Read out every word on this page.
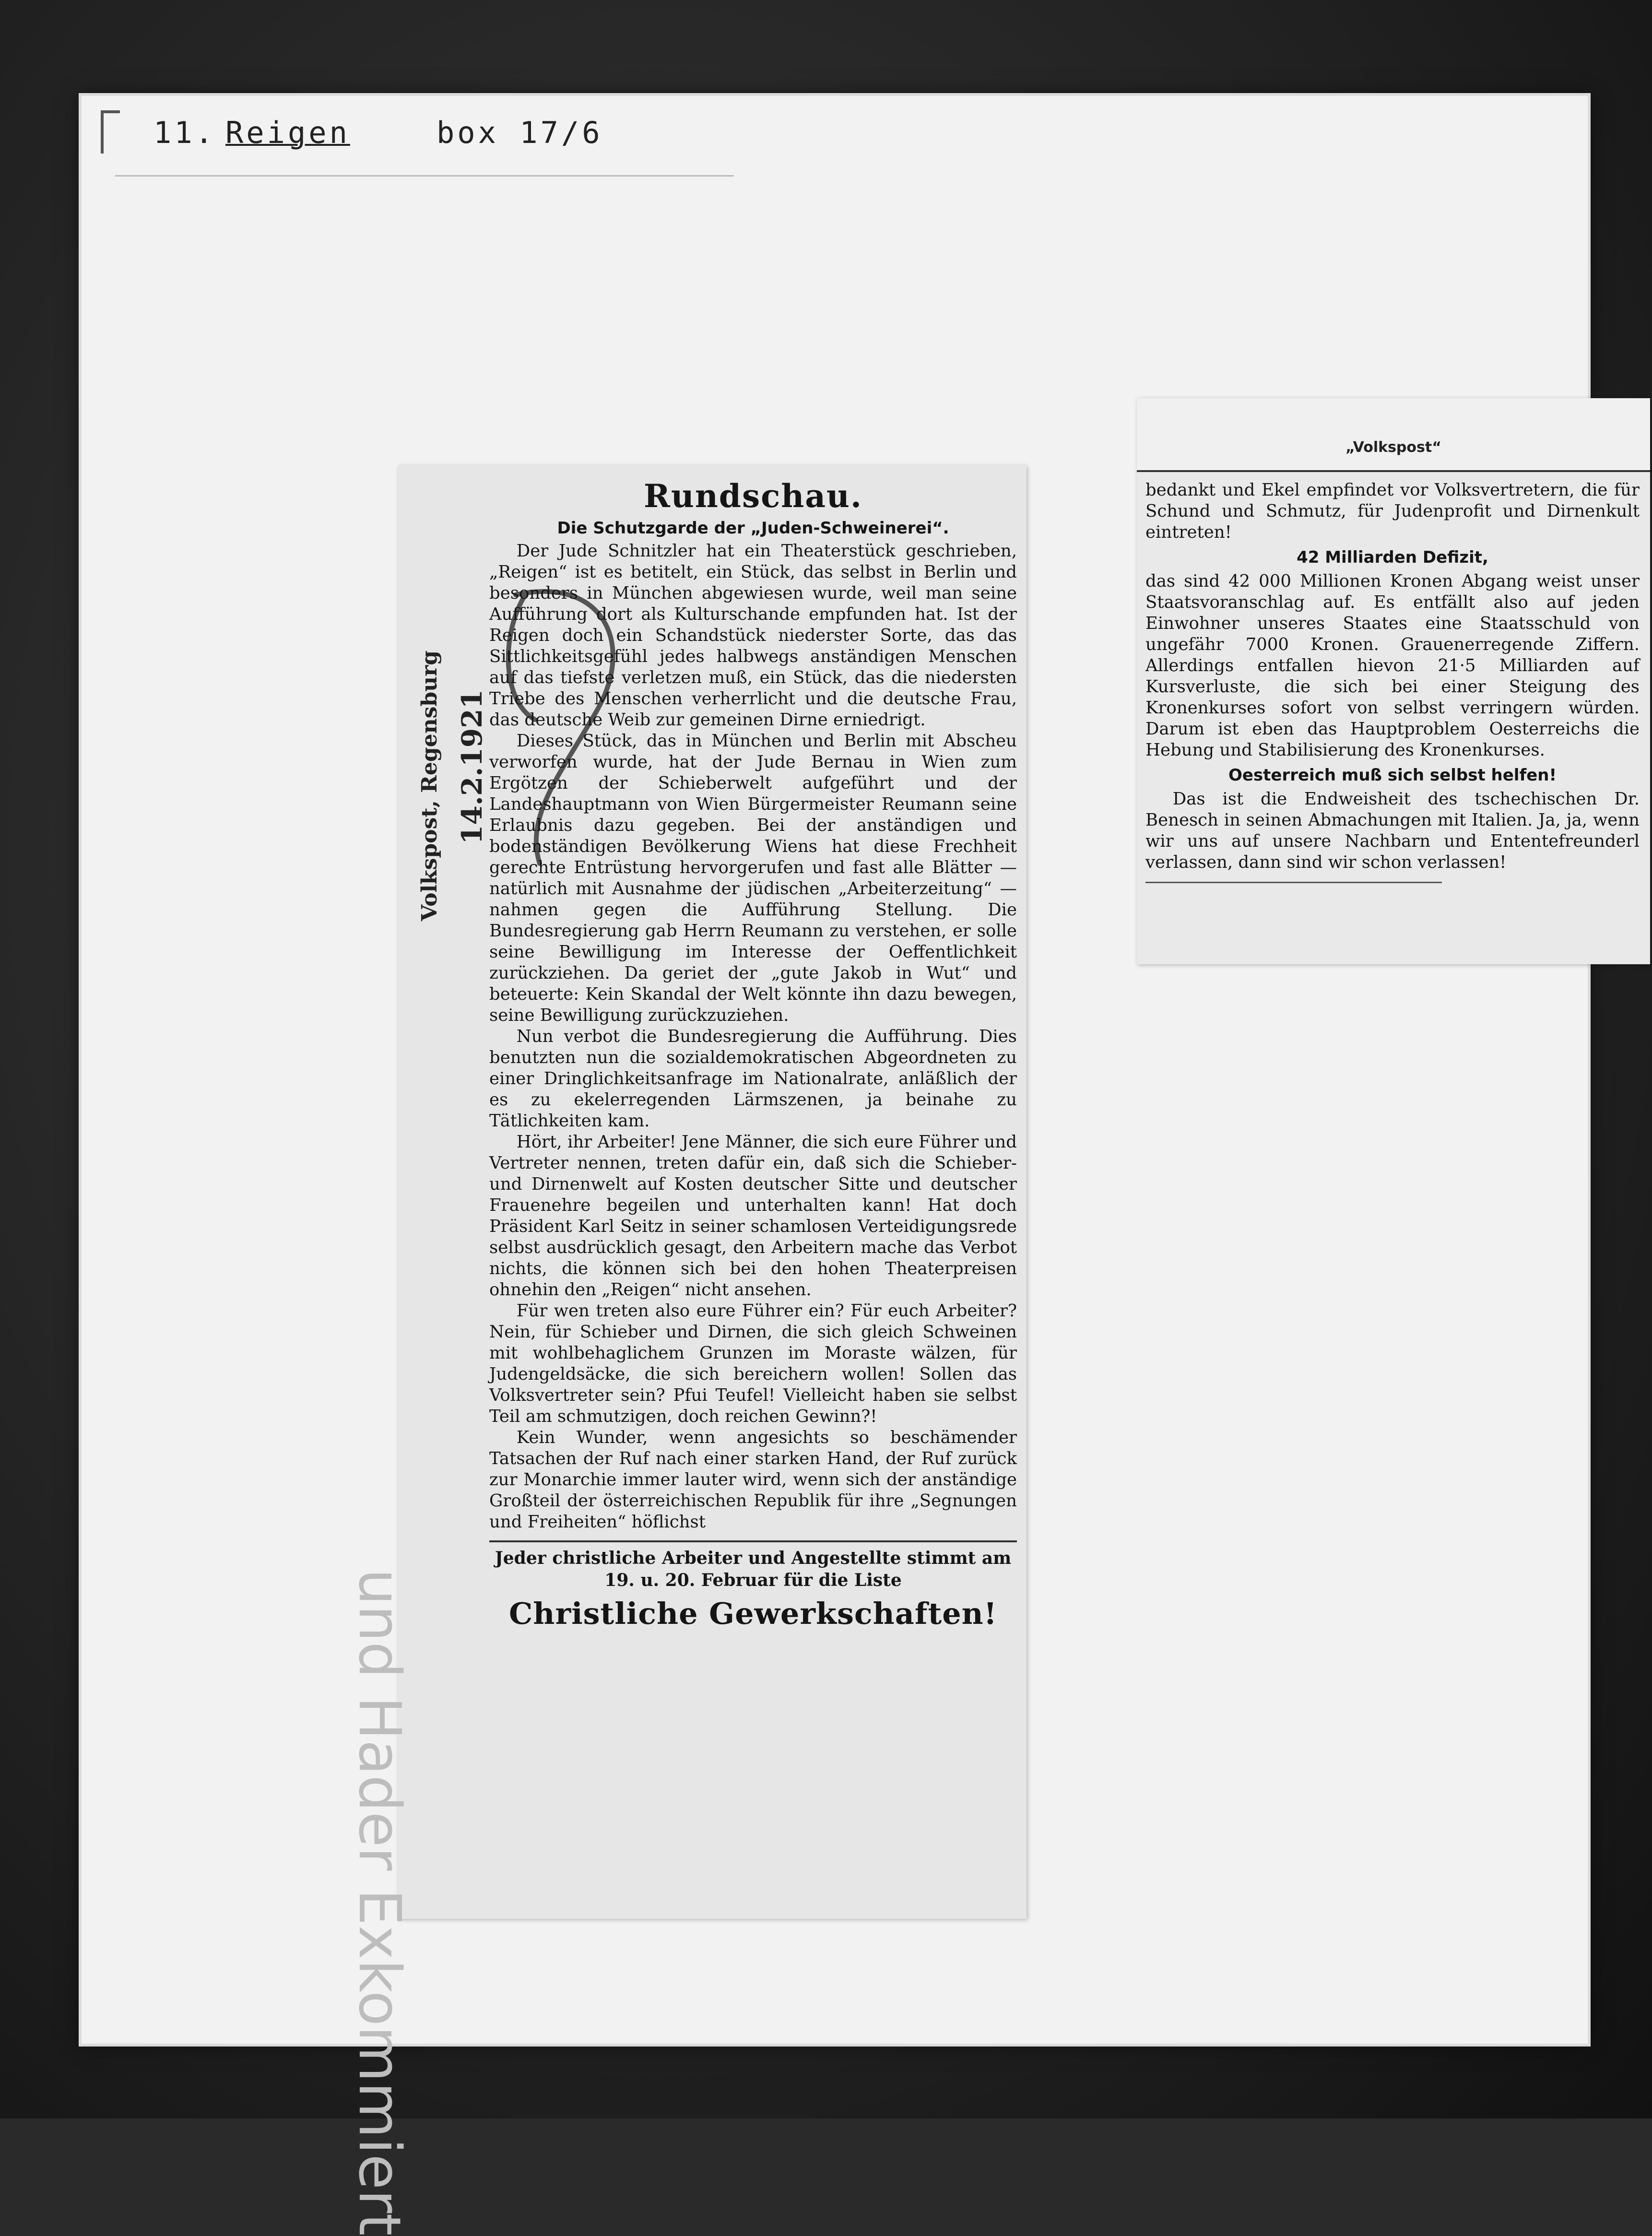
11. Reigen	box 17/6
und Hader Exkommiert
Volkspost, Regensburg 14.2.1921
Rundschau.
Die Schutzgarde der „Juden-Schweinerei“.

Der Jude Schnitzler hat ein Theaterstück geschrieben, „Reigen“ ist es betitelt, ein Stück, das selbst in Berlin und besonders in München abgewiesen wurde, weil man seine Aufführung dort als Kulturschande empfunden hat. Ist der Reigen doch ein Schandstück niederster Sorte, das das Sittlichkeitsgefühl jedes halbwegs anständigen Menschen auf das tiefste verletzen muß, ein Stück, das die niedersten Triebe des Menschen verherrlicht und die deutsche Frau, das deutsche Weib zur gemeinen Dirne erniedrigt.

Dieses Stück, das in München und Berlin mit Abscheu verworfen wurde, hat der Jude Bernau in Wien zum Ergötzen der Schieberwelt aufgeführt und der Landeshauptmann von Wien Bürgermeister Reumann seine Erlaubnis dazu gegeben. Bei der anständigen und bodenständigen Bevölkerung Wiens hat diese Frechheit gerechte Entrüstung hervorgerufen und fast alle Blätter — natürlich mit Ausnahme der jüdischen „Arbeiterzeitung“ — nahmen gegen die Aufführung Stellung. Die Bundesregierung gab Herrn Reumann zu verstehen, er solle seine Bewilligung im Interesse der Oeffentlichkeit zurückziehen. Da geriet der „gute Jakob in Wut“ und beteuerte: Kein Skandal der Welt könnte ihn dazu bewegen, seine Bewilligung zurückzuziehen.

Nun verbot die Bundesregierung die Aufführung. Dies benutzten nun die sozialdemokratischen Abgeordneten zu einer Dringlichkeitsanfrage im Nationalrate, anläßlich der es zu ekelerregenden Lärmszenen, ja beinahe zu Tätlichkeiten kam.

Hört, ihr Arbeiter! Jene Männer, die sich eure Führer und Vertreter nennen, treten dafür ein, daß sich die Schieber- und Dirnenwelt auf Kosten deutscher Sitte und deutscher Frauenehre begeilen und unterhalten kann! Hat doch Präsident Karl Seitz in seiner schamlosen Verteidigungsrede selbst ausdrücklich gesagt, den Arbeitern mache das Verbot nichts, die können sich bei den hohen Theaterpreisen ohnehin den „Reigen“ nicht ansehen.

Für wen treten also eure Führer ein? Für euch Arbeiter? Nein, für Schieber und Dirnen, die sich gleich Schweinen mit wohlbehaglichem Grunzen im Moraste wälzen, für Judengeldsäcke, die sich bereichern wollen! Sollen das Volksvertreter sein? Pfui Teufel! Vielleicht haben sie selbst Teil am schmutzigen, doch reichen Gewinn?!

Kein Wunder, wenn angesichts so beschämender Tatsachen der Ruf nach einer starken Hand, der Ruf zurück zur Monarchie immer lauter wird, wenn sich der anständige Großteil der österreichischen Republik für ihre „Segnungen und Freiheiten“ höflichst

Jeder christliche Arbeiter und Angestellte stimmt am 19. u. 20. Februar für die Liste

Christliche Gewerkschaften!
„Volkspost“

bedankt und Ekel empfindet vor Volksvertretern, die für Schund und Schmutz, für Judenprofit und Dirnenkult eintreten!

42 Milliarden Defizit,

das sind 42 000 Millionen Kronen Abgang weist unser Staatsvoranschlag auf. Es entfällt also auf jeden Einwohner unseres Staates eine Staatsschuld von ungefähr 7000 Kronen. Grauenerregende Ziffern. Allerdings entfallen hievon 21·5 Milliarden auf Kursverluste, die sich bei einer Steigung des Kronenkurses sofort von selbst verringern würden. Darum ist eben das Hauptproblem Oesterreichs die Hebung und Stabilisierung des Kronenkurses.

Oesterreich muß sich selbst helfen!

Das ist die Endweisheit des tschechischen Dr. Benesch in seinen Abmachungen mit Italien. Ja, ja, wenn wir uns auf unsere Nachbarn und Ententefreunderl verlassen, dann sind wir schon verlassen!
